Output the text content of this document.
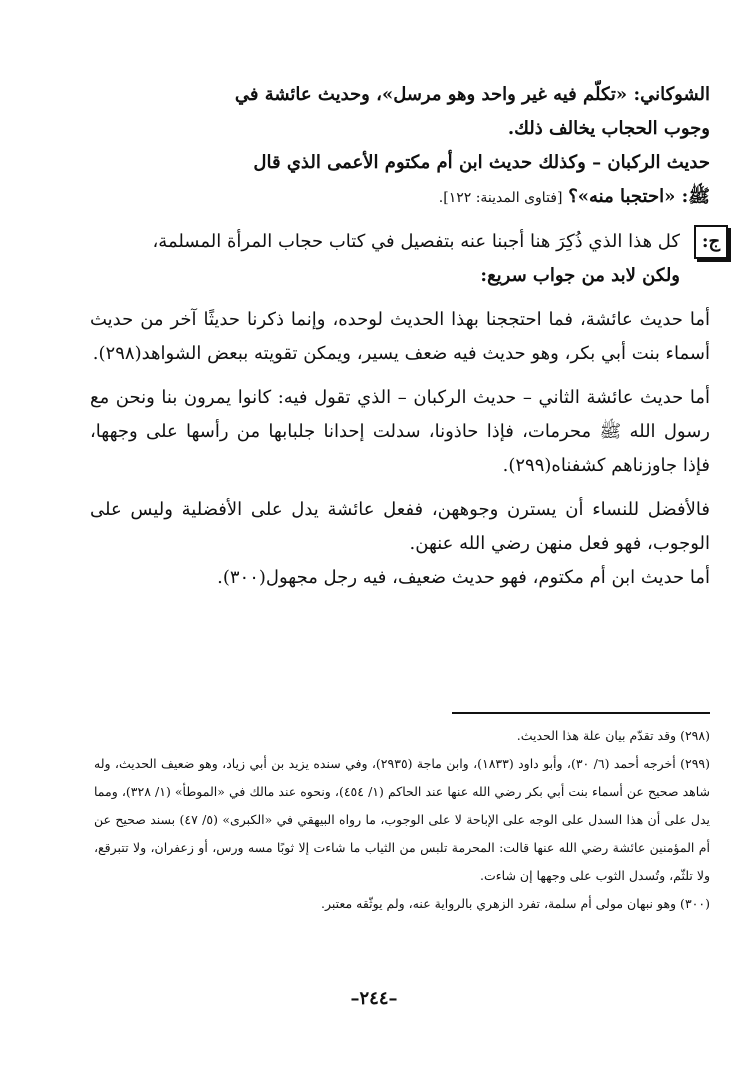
الشوكاني: «تكلّم فيه غير واحد وهو مرسل»، وحديث عائشة في

وجوب الحجاب يخالف ذلك.

حديث الركبان – وكذلك حديث ابن أم مكتوم الأعمى الذي قال

ﷺ: «احتجبا منه»؟ [فتاوى المدينة: ١٢٢].

ج:

كل هذا الذي ذُكِرَ هنا أجبنا عنه بتفصيل في كتاب حجاب المرأة المسلمة،

ولكن لابد من جواب سريع:

أما حديث عائشة، فما احتججنا بهذا الحديث لوحده، وإنما ذكرنا حديثًا آخر من حديث أسماء بنت أبي بكر، وهو حديث فيه ضعف يسير، ويمكن تقويته ببعض الشواهد(٢٩٨).

أما حديث عائشة الثاني – حديث الركبان – الذي تقول فيه: كانوا يمرون بنا ونحن مع رسول الله ﷺ محرمات، فإذا حاذونا، سدلت إحدانا جلبابها من رأسها على وجهها، فإذا جاوزناهم كشفناه(٢٩٩).

فالأفضل للنساء أن يسترن وجوههن، ففعل عائشة يدل على الأفضلية وليس على الوجوب، فهو فعل منهن رضي الله عنهن.

أما حديث ابن أم مكتوم، فهو حديث ضعيف، فيه رجل مجهول(٣٠٠).

(٢٩٨) وقد تقدّم بيان علة هذا الحديث.

(٢٩٩) أخرجه أحمد (٦/ ٣٠)، وأبو داود (١٨٣٣)، وابن ماجة (٢٩٣٥)، وفي سنده يزيد بن أبي زياد، وهو ضعيف الحديث، وله شاهد صحيح عن أسماء بنت أبي بكر رضي الله عنها عند الحاكم (١/ ٤٥٤)، ونحوه عند مالك في «الموطأ» (١/ ٣٢٨)، ومما يدل على أن هذا السدل على الوجه على الإباحة لا على الوجوب، ما رواه البيهقي في «الكبرى» (٥/ ٤٧) بسند صحيح عن أم المؤمنين عائشة رضي الله عنها قالت: المحرمة تلبس من الثياب ما شاءت إلا ثوبًا مسه ورس، أو زعفران، ولا تتبرقع، ولا تلثّم، وتُسدل الثوب على وجهها إن شاءت.

(٣٠٠) وهو نبهان مولى أم سلمة، تفرد الزهري بالرواية عنه، ولم يوثّقه معتبر.

–٢٤٤–
